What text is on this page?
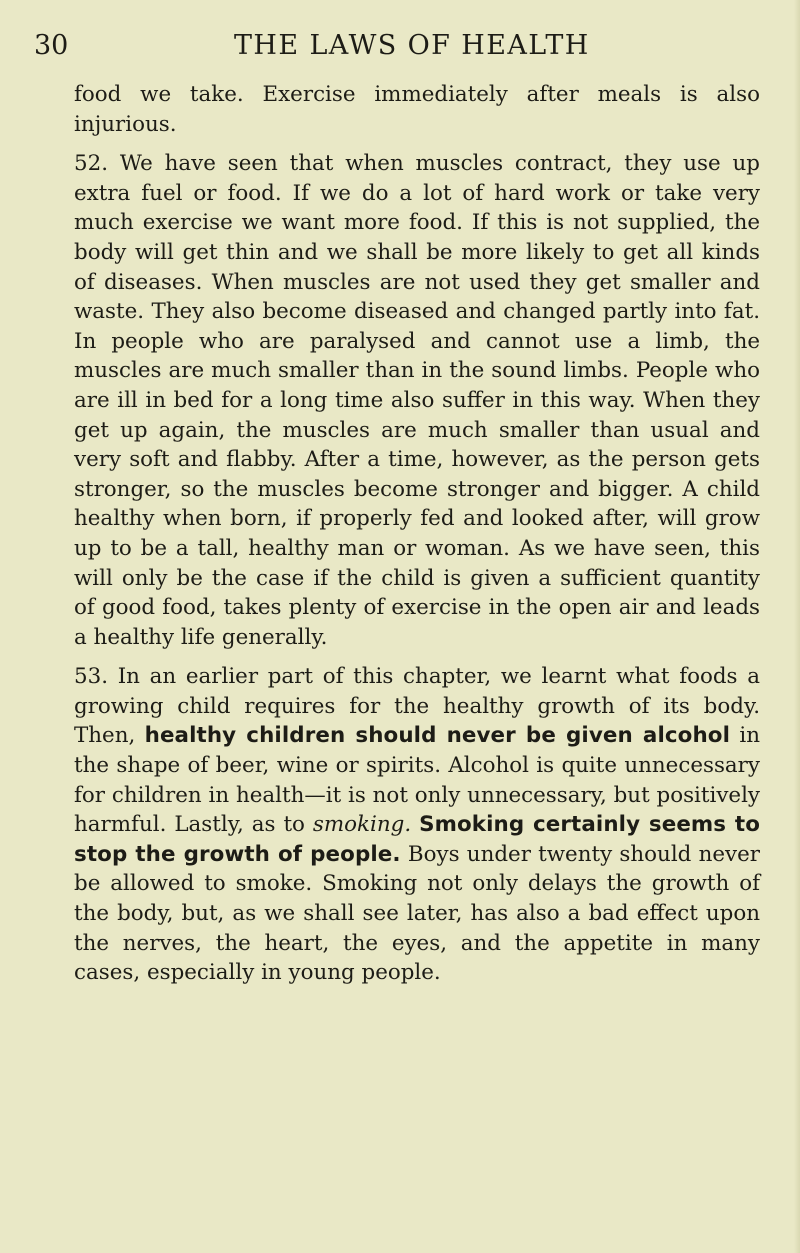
30	THE LAWS OF HEALTH

food we take. Exercise immediately after meals is also injurious.

52. We have seen that when muscles contract, they use up extra fuel or food. If we do a lot of hard work or take very much exercise we want more food. If this is not supplied, the body will get thin and we shall be more likely to get all kinds of diseases. When muscles are not used they get smaller and waste. They also become diseased and changed partly into fat. In people who are paralysed and cannot use a limb, the muscles are much smaller than in the sound limbs. People who are ill in bed for a long time also suffer in this way. When they get up again, the muscles are much smaller than usual and very soft and flabby. After a time, however, as the person gets stronger, so the muscles become stronger and bigger. A child healthy when born, if properly fed and looked after, will grow up to be a tall, healthy man or woman. As we have seen, this will only be the case if the child is given a sufficient quantity of good food, takes plenty of exercise in the open air and leads a healthy life generally.

53. In an earlier part of this chapter, we learnt what foods a growing child requires for the healthy growth of its body. Then, healthy children should never be given alcohol in the shape of beer, wine or spirits. Alcohol is quite unnecessary for children in health—it is not only unnecessary, but positively harmful. Lastly, as to smoking. Smoking certainly seems to stop the growth of people. Boys under twenty should never be allowed to smoke. Smoking not only delays the growth of the body, but, as we shall see later, has also a bad effect upon the nerves, the heart, the eyes, and the appetite in many cases, especially in young people.
